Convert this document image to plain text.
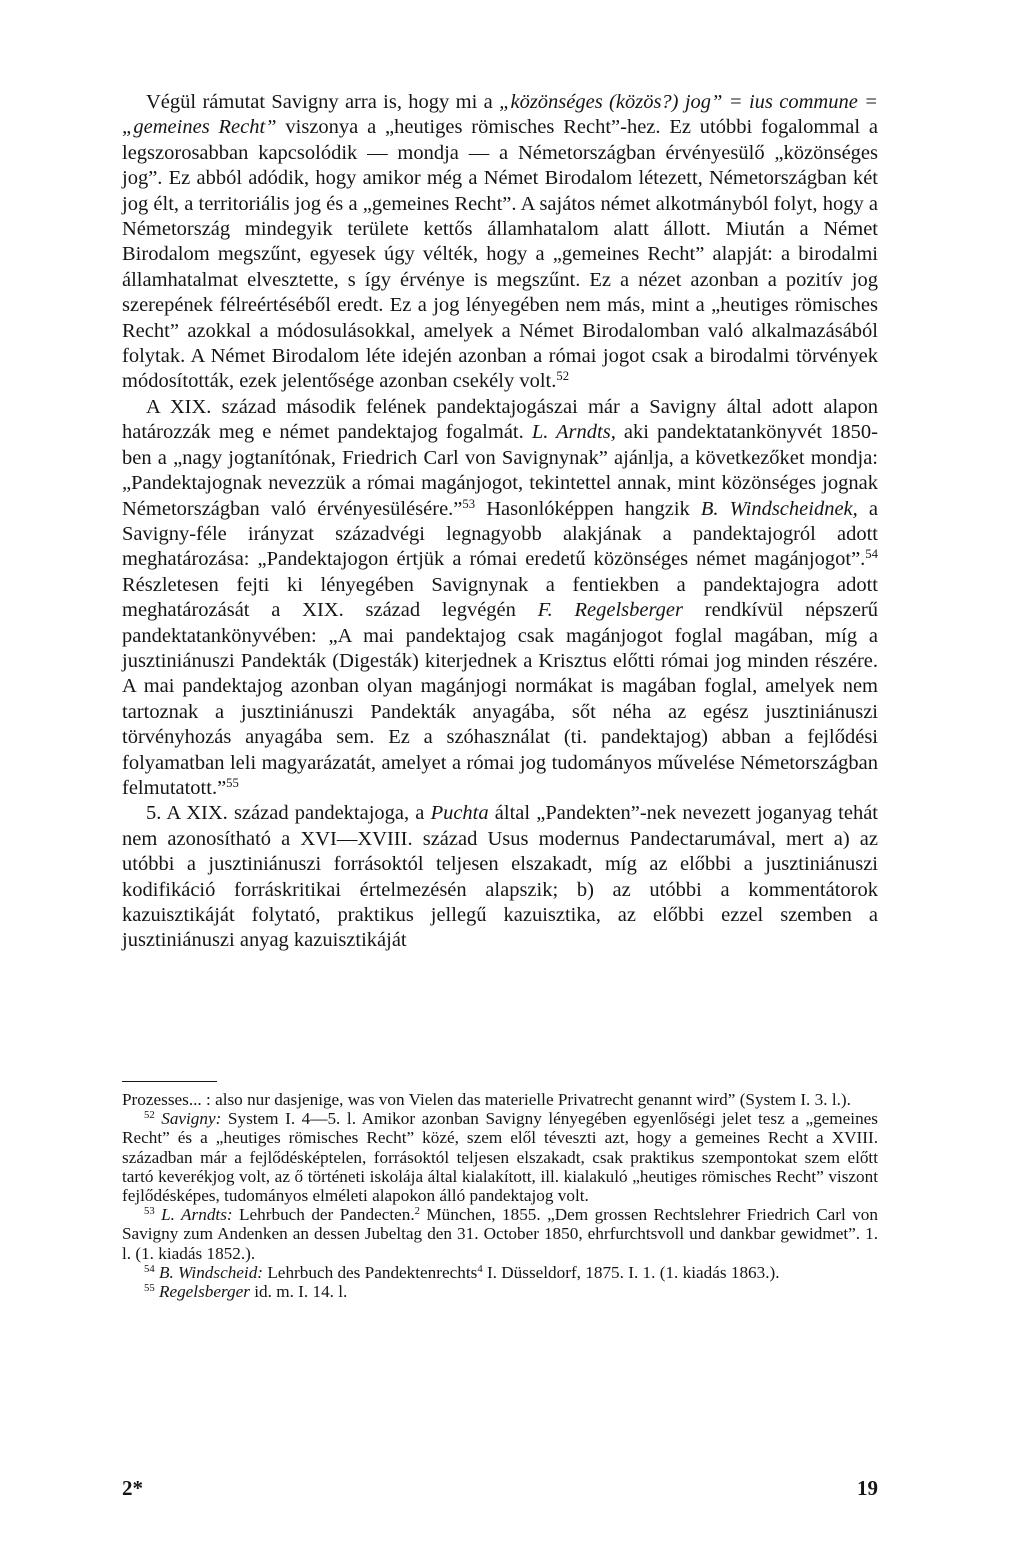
Végül rámutat Savigny arra is, hogy mi a „közönséges (közös?) jog” = ius commune = „gemeines Recht” viszonya a „heutiges römisches Recht”-hez. Ez utóbbi fogalommal a legszorosabban kapcsolódik — mondja — a Németországban érvényesülő „közönséges jog”. Ez abból adódik, hogy amikor még a Német Birodalom létezett, Németországban két jog élt, a territoriális jog és a „gemeines Recht”. A sajátos német alkotmányból folyt, hogy a Németország mindegyik területe kettős államhatalom alatt állott. Miután a Német Birodalom megszűnt, egyesek úgy vélték, hogy a „gemeines Recht” alapját: a birodalmi államhatalmat elvesztette, s így érvénye is megszűnt. Ez a nézet azonban a pozitív jog szerepének félreértéséből eredt. Ez a jog lényegében nem más, mint a „heutiges römisches Recht” azokkal a módosulásokkal, amelyek a Német Birodalomban való alkalmazásából folytak. A Német Birodalom léte idején azonban a római jogot csak a birodalmi törvények módosították, ezek jelentősége azonban csekély volt.$^{52}$

A XIX. század második felének pandektajogászai már a Savigny által adott alapon határozzák meg e német pandektajog fogalmát. L. Arndts, aki pandektatankönyvét 1850-ben a „nagy jogtanítónak, Friedrich Carl von Savignynak” ajánlja, a következőket mondja: „Pandektajognak nevezzük a római magánjogot, tekintettel annak, mint közönséges jognak Németországban való érvényesülésére.”$^{53}$ Hasonlóképpen hangzik B. Windscheidnek, a Savigny-féle irányzat századvégi legnagyobb alakjának a pandektajogról adott meghatározása: „Pandektajogon értjük a római eredetű közönséges német magánjogot”.$^{54}$ Részletesen fejti ki lényegében Savignynak a fentiekben a pandektajogra adott meghatározását a XIX. század legvégén F. Regelsberger rendkívül népszerű pandektatankönyvében: „A mai pandektajog csak magánjogot foglal magában, míg a jusztiniánuszi Pandekták (Digesták) kiterjednek a Krisztus előtti római jog minden részére. A mai pandektajog azonban olyan magánjogi normákat is magában foglal, amelyek nem tartoznak a jusztiniánuszi Pandekták anyagába, sőt néha az egész jusztiniánuszi törvényhozás anyagába sem. Ez a szóhasználat (ti. pandektajog) abban a fejlődési folyamatban leli magyarázatát, amelyet a római jog tudományos művelése Németországban felmutatott.”$^{55}$

5. A XIX. század pandektajoga, a Puchta által „Pandekten”-nek nevezett joganyag tehát nem azonosítható a XVI—XVIII. század Usus modernus Pandectarumával, mert a) az utóbbi a jusztiniánuszi forrásoktól teljesen elszakadt, míg az előbbi a jusztiniánuszi kodifikáció forráskritikai értelmezésén alapszik; b) az utóbbi a kommentátorok kazuisztikáját folytató, praktikus jellegű kazuisztika, az előbbi ezzel szemben a jusztiniánuszi anyag kazuisztikáját

Prozesses... : also nur dasjenige, was von Vielen das materielle Privatrecht genannt wird” (System I. 3. l.).

$^{52}$ Savigny: System I. 4—5. l. Amikor azonban Savigny lényegében egyenlőségi jelet tesz a „gemeines Recht” és a „heutiges römisches Recht” közé, szem elől téveszti azt, hogy a gemeines Recht a XVIII. században már a fejlődésképtelen, forrásoktól teljesen elszakadt, csak praktikus szempontokat szem előtt tartó keverékjog volt, az ő történeti iskolája által kialakított, ill. kialakuló „heutiges römisches Recht” viszont fejlődésképes, tudományos elméleti alapokon álló pandektajog volt.

$^{53}$ L. Arndts: Lehrbuch der Pandecten.$^2$ München, 1855. „Dem grossen Rechtslehrer Friedrich Carl von Savigny zum Andenken an dessen Jubeltag den 31. October 1850, ehrfurchtsvoll und dankbar gewidmet”. 1. l. (1. kiadás 1852.).

$^{54}$ B. Windscheid: Lehrbuch des Pandektenrechts$^4$ I. Düsseldorf, 1875. I. 1. (1. kiadás 1863.).

$^{55}$ Regelsberger id. m. I. 14. l.

2*	19
